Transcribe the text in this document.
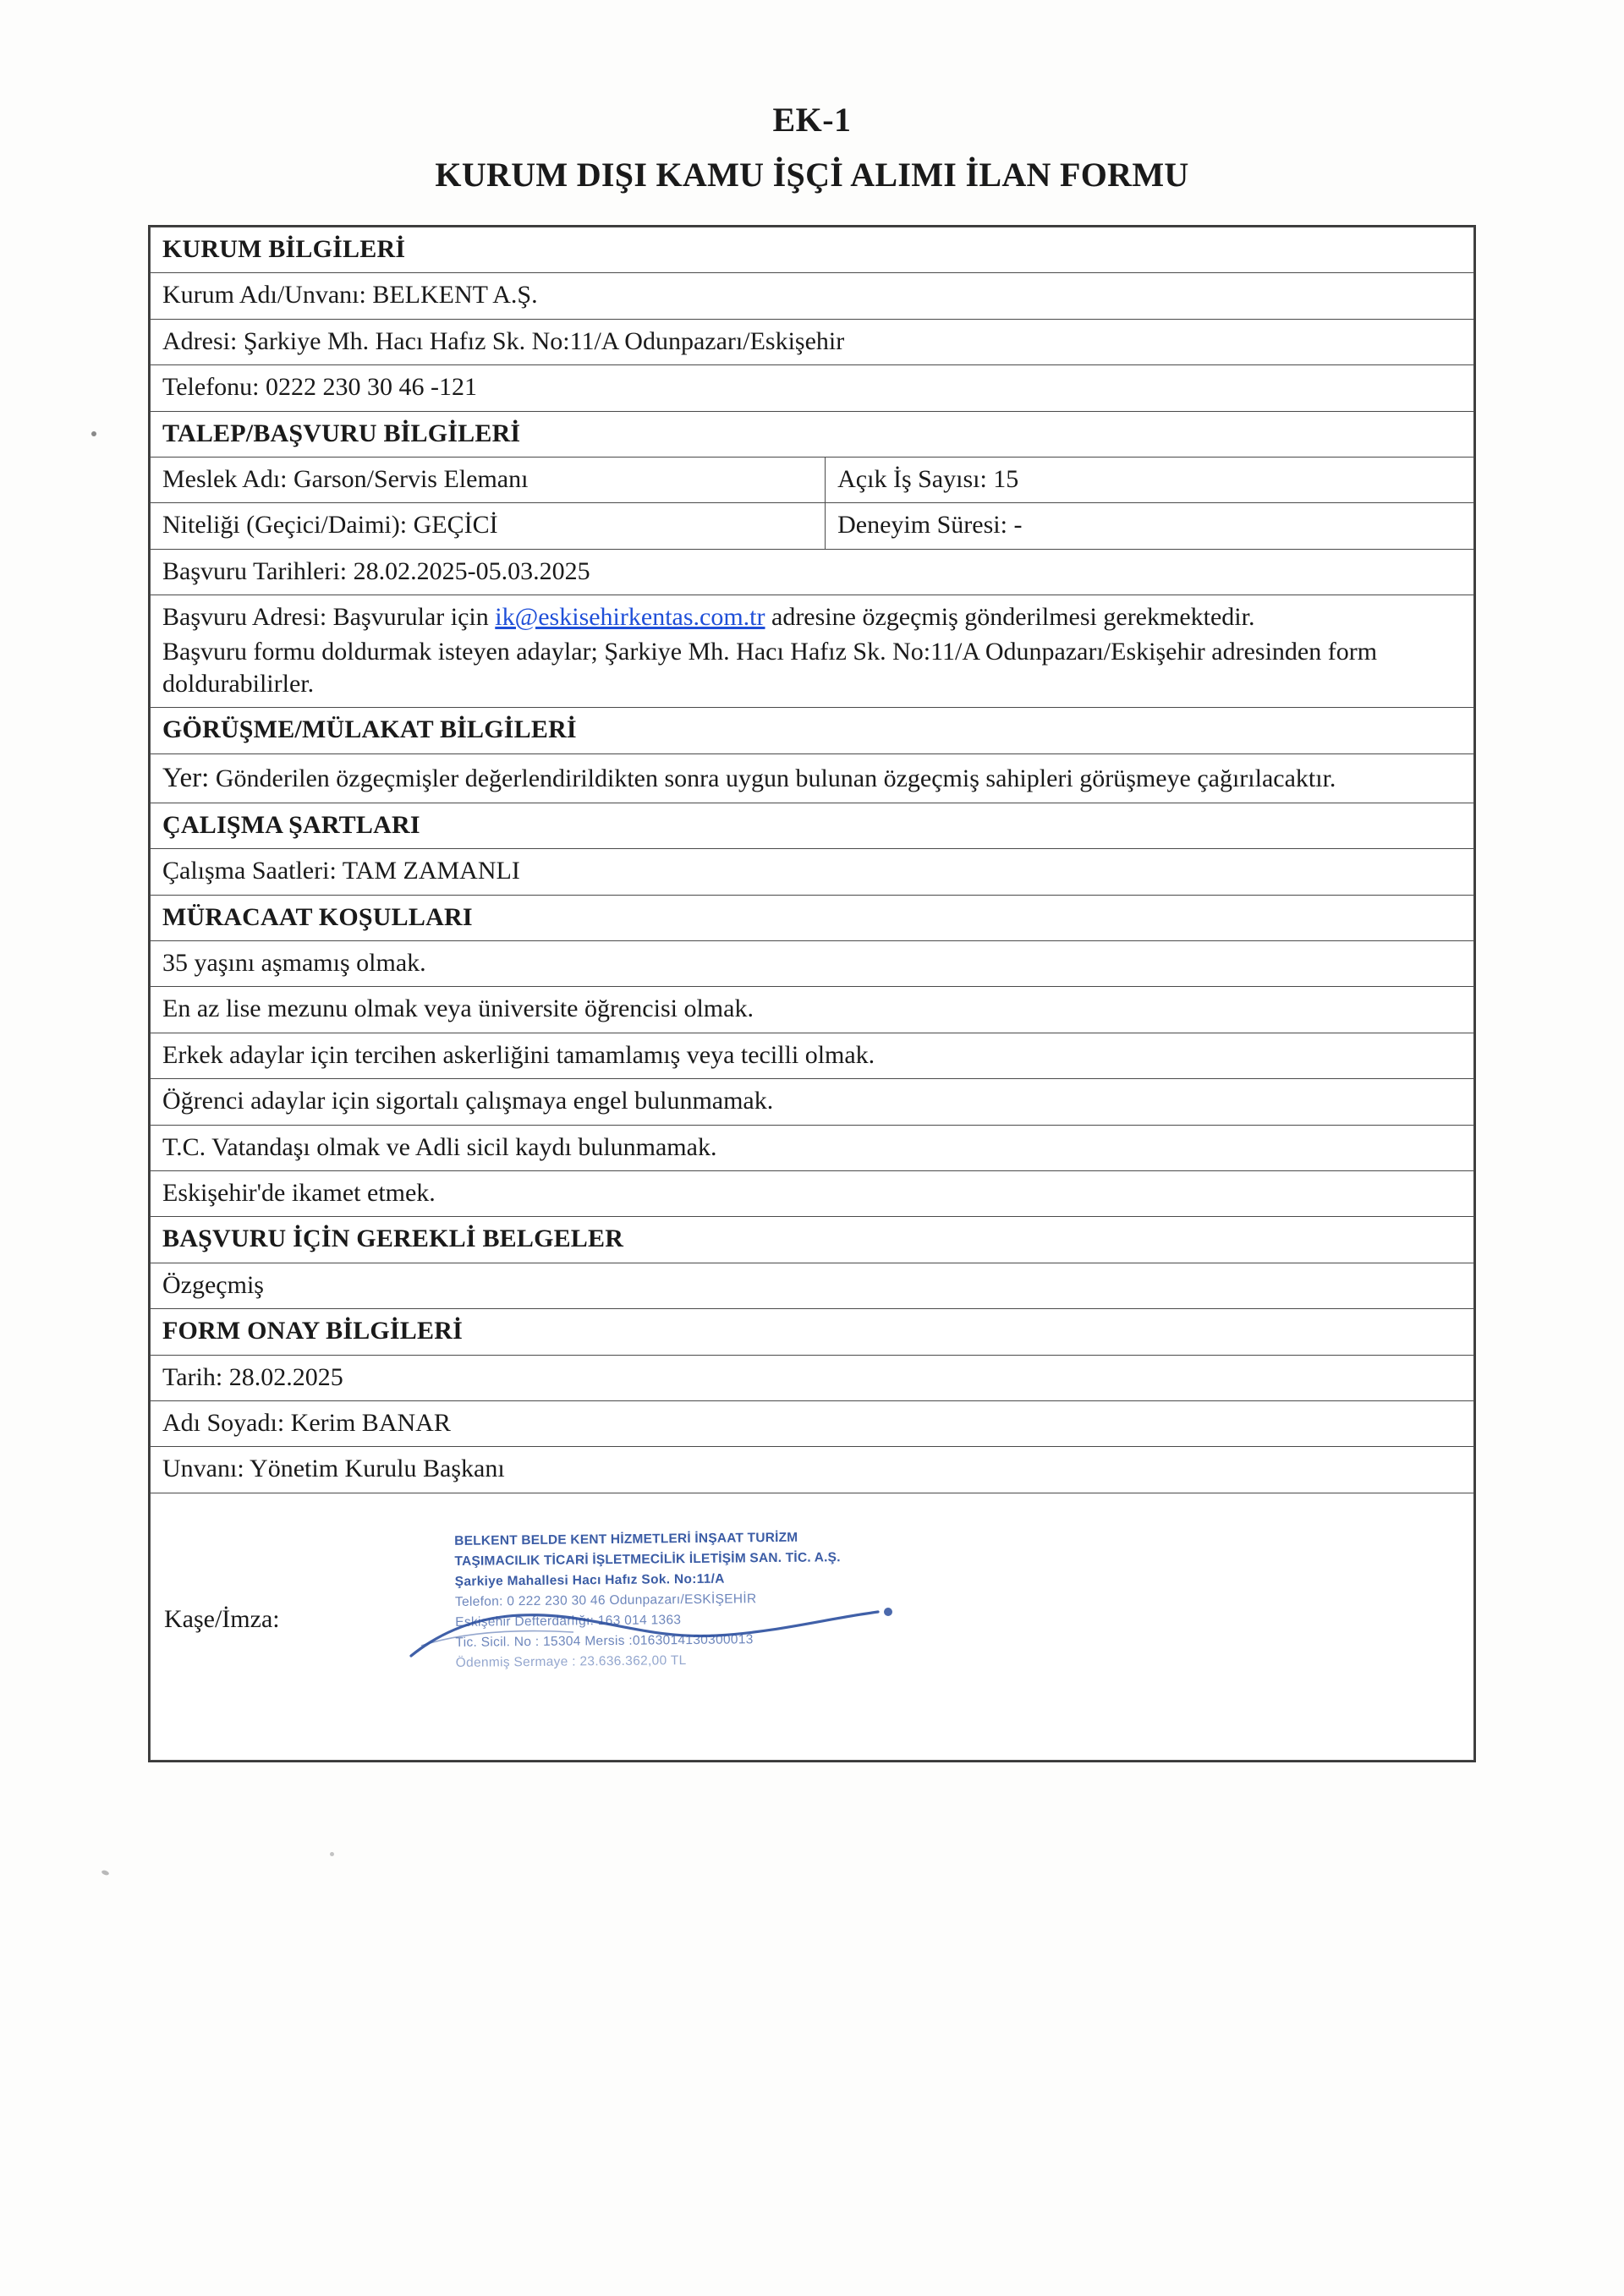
EK-1
KURUM DIŞI KAMU İŞÇİ ALIMI İLAN FORMU
KURUM BİLGİLERİ	
Kurum Adı/Unvanı: BELKENT A.Ş.	
Adresi: Şarkiye Mh. Hacı Hafız Sk. No:11/A Odunpazarı/Eskişehir	
Telefonu: 0222 230 30 46 -121	
TALEP/BAŞVURU BİLGİLERİ	
Meslek Adı: Garson/Servis Elemanı	Açık İş Sayısı: 15
Niteliği (Geçici/Daimi): GEÇİCİ	Deneyim Süresi: -
Başvuru Tarihleri: 28.02.2025-05.03.2025	
Başvuru Adresi: Başvurular için ik@eskisehirkentas.com.tr adresine özgeçmiş gönderilmesi gerekmektedir.
Başvuru formu doldurmak isteyen adaylar; Şarkiye Mh. Hacı Hafız Sk. No:11/A Odunpazarı/Eskişehir adresinden form doldurabilirler.	

GÖRÜŞME/MÜLAKAT BİLGİLERİ	
Yer: Gönderilen özgeçmişler değerlendirildikten sonra uygun bulunan özgeçmiş sahipleri görüşmeye çağırılacaktır.	
ÇALIŞMA ŞARTLARI	
Çalışma Saatleri: TAM ZAMANLI	
MÜRACAAT KOŞULLARI	
35 yaşını aşmamış olmak.	
En az lise mezunu olmak veya üniversite öğrencisi olmak.	
Erkek adaylar için tercihen askerliğini tamamlamış veya tecilli olmak.	
Öğrenci adaylar için sigortalı çalışmaya engel bulunmamak.	
T.C. Vatandaşı olmak ve Adli sicil kaydı bulunmamak.	
Eskişehir'de ikamet etmek.	
BAŞVURU İÇİN GEREKLİ BELGELER	
Özgeçmiş	
FORM ONAY BİLGİLERİ	
Tarih: 28.02.2025	
Adı Soyadı: Kerim BANAR	
Unvanı: Yönetim Kurulu Başkanı	

Kaşe/İmza:
BELKENT BELDE KENT HİZMETLERİ İNŞAAT TURİZM
TAŞIMACILIK TİCARİ İŞLETMECİLİK İLETİŞİM SAN. TİC. A.Ş.
Şarkiye Mahallesi Hacı Hafız Sok. No:11/A
Telefon: 0 222 230 30 46 Odunpazarı/ESKİŞEHİR
Eskişehir Defterdarlığı: 163 014 1363
Tic. Sicil. No : 15304 Mersis :0163014130300013
Ödenmiş Sermaye : 23.636.362,00 TL
